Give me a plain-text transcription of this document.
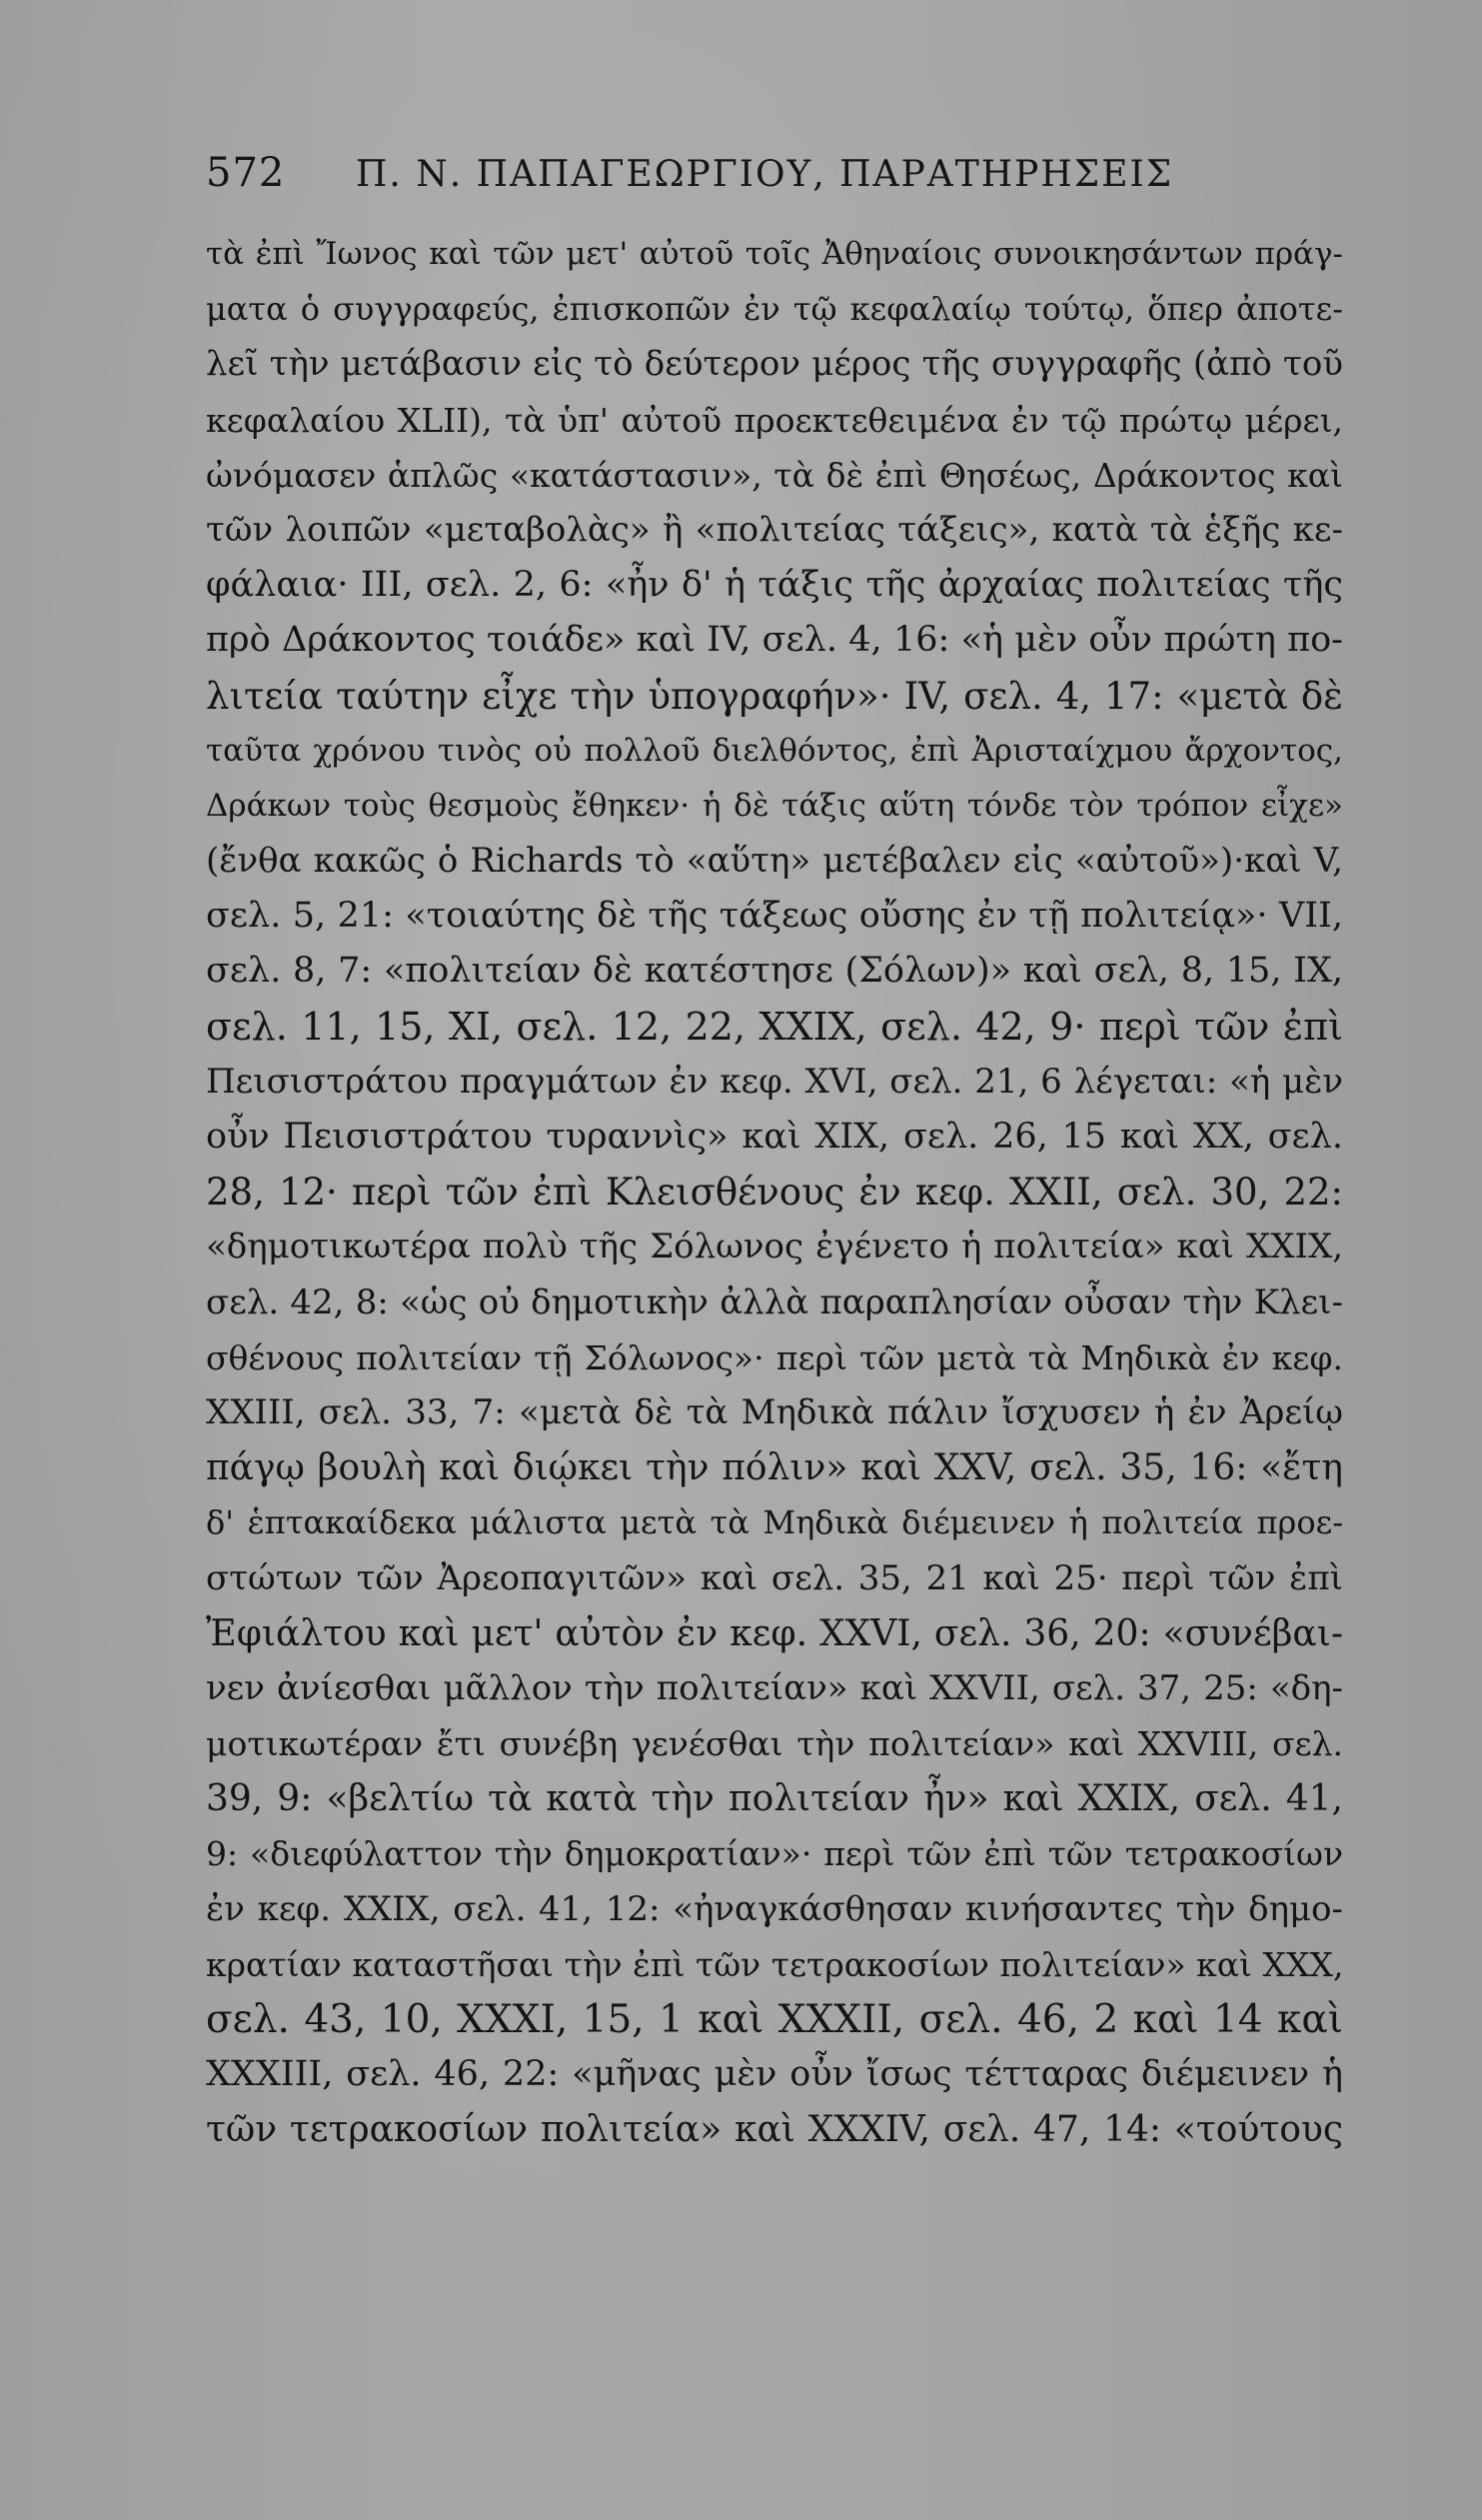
572 Π. Ν. ΠΑΠΑΓΕΩΡΓΙΟΥ, ΠΑΡΑΤΗΡΗΣΕΙΣ
τὰ ἐπὶ Ἴωνος καὶ τῶν μετ' αὐτοῦ τοῖς Ἀθηναίοις συνοικησάντων πράγ-
ματα ὁ συγγραφεύς, ἐπισκοπῶν ἐν τῷ κεφαλαίῳ τούτῳ, ὅπερ ἀποτε-
λεῖ τὴν μετάβασιν εἰς τὸ δεύτερον μέρος τῆς συγγραφῆς (ἀπὸ τοῦ
κεφαλαίου XLII), τὰ ὑπ' αὐτοῦ προεκτεθειμένα ἐν τῷ πρώτῳ μέρει,
ὠνόμασεν ἁπλῶς «κατάστασιν», τὰ δὲ ἐπὶ Θησέως, Δράκοντος καὶ
τῶν λοιπῶν «μεταβολὰς» ἢ «πολιτείας τάξεις», κατὰ τὰ ἑξῆς κε-
φάλαια· III, σελ. 2, 6: «ἦν δ' ἡ τάξις τῆς ἀρχαίας πολιτείας τῆς
πρὸ Δράκοντος τοιάδε» καὶ IV, σελ. 4, 16: «ἡ μὲν οὖν πρώτη πο-
λιτεία ταύτην εἶχε τὴν ὑπογραφήν»· IV, σελ. 4, 17: «μετὰ δὲ
ταῦτα χρόνου τινὸς οὐ πολλοῦ διελθόντος, ἐπὶ Ἀρισταίχμου ἄρχοντος,
Δράκων τοὺς θεσμοὺς ἔθηκεν· ἡ δὲ τάξις αὕτη τόνδε τὸν τρόπον εἶχε»
(ἔνθα κακῶς ὁ Richards τὸ «αὕτη» μετέβαλεν εἰς «αὐτοῦ»)·καὶ V,
σελ. 5, 21: «τοιαύτης δὲ τῆς τάξεως οὔσης ἐν τῇ πολιτείᾳ»· VII,
σελ. 8, 7: «πολιτείαν δὲ κατέστησε (Σόλων)» καὶ σελ, 8, 15, IX,
σελ. 11, 15, XI, σελ. 12, 22, XXIX, σελ. 42, 9· περὶ τῶν ἐπὶ
Πεισιστράτου πραγμάτων ἐν κεφ. XVI, σελ. 21, 6 λέγεται: «ἡ μὲν
οὖν Πεισιστράτου τυραννὶς» καὶ XIX, σελ. 26, 15 καὶ XX, σελ.
28, 12· περὶ τῶν ἐπὶ Κλεισθένους ἐν κεφ. XXII, σελ. 30, 22:
«δημοτικωτέρα πολὺ τῆς Σόλωνος ἐγένετο ἡ πολιτεία» καὶ XXIX,
σελ. 42, 8: «ὡς οὐ δημοτικὴν ἀλλὰ παραπλησίαν οὖσαν τὴν Κλει-
σθένους πολιτείαν τῇ Σόλωνος»· περὶ τῶν μετὰ τὰ Μηδικὰ ἐν κεφ.
XXIII, σελ. 33, 7: «μετὰ δὲ τὰ Μηδικὰ πάλιν ἴσχυσεν ἡ ἐν Ἀρείῳ
πάγῳ βουλὴ καὶ διῴκει τὴν πόλιν» καὶ XXV, σελ. 35, 16: «ἔτη
δ' ἑπτακαίδεκα μάλιστα μετὰ τὰ Μηδικὰ διέμεινεν ἡ πολιτεία προε-
στώτων τῶν Ἀρεοπαγιτῶν» καὶ σελ. 35, 21 καὶ 25· περὶ τῶν ἐπὶ
Ἐφιάλτου καὶ μετ' αὐτὸν ἐν κεφ. XXVI, σελ. 36, 20: «συνέβαι-
νεν ἀνίεσθαι μᾶλλον τὴν πολιτείαν» καὶ XXVII, σελ. 37, 25: «δη-
μοτικωτέραν ἔτι συνέβη γενέσθαι τὴν πολιτείαν» καὶ XXVIII, σελ.
39, 9: «βελτίω τὰ κατὰ τὴν πολιτείαν ἦν» καὶ XXIX, σελ. 41,
9: «διεφύλαττον τὴν δημοκρατίαν»· περὶ τῶν ἐπὶ τῶν τετρακοσίων
ἐν κεφ. XXIX, σελ. 41, 12: «ἠναγκάσθησαν κινήσαντες τὴν δημο-
κρατίαν καταστῆσαι τὴν ἐπὶ τῶν τετρακοσίων πολιτείαν» καὶ XXX,
σελ. 43, 10, XXXI, 15, 1 καὶ XXXII, σελ. 46, 2 καὶ 14 καὶ
XXXIII, σελ. 46, 22: «μῆνας μὲν οὖν ἴσως τέτταρας διέμεινεν ἡ
τῶν τετρακοσίων πολιτεία» καὶ XXXIV, σελ. 47, 14: «τούτους
